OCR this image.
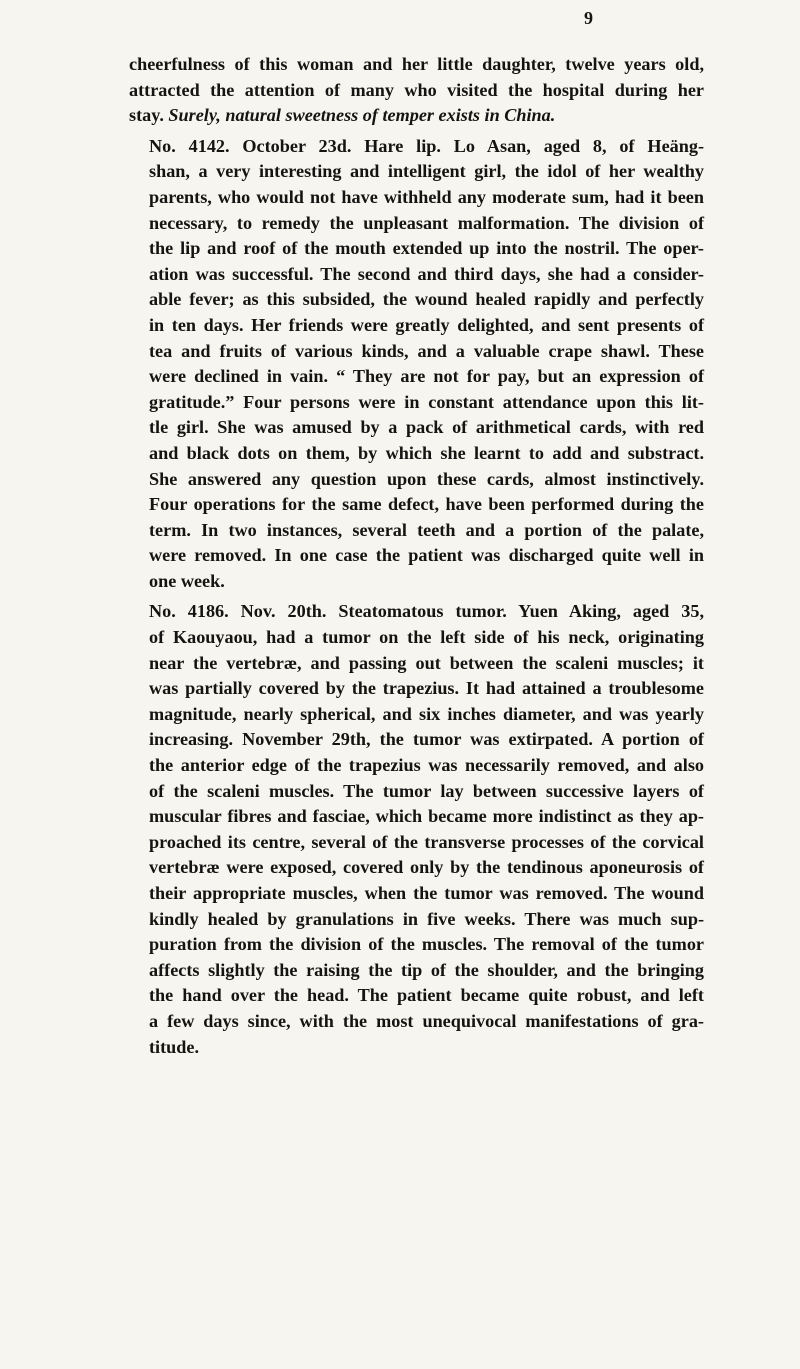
9

cheerfulness of this woman and her little daughter, twelve years old,
attracted the attention of many who visited the hospital during her
stay. Surely, natural sweetness of temper exists in China.

No. 4142. October 23d. Hare lip. Lo Asan, aged 8, of Heäng-
shan, a very interesting and intelligent girl, the idol of her wealthy
parents, who would not have withheld any moderate sum, had it been
necessary, to remedy the unpleasant malformation. The division of
the lip and roof of the mouth extended up into the nostril. The oper-
ation was successful. The second and third days, she had a consider-
able fever; as this subsided, the wound healed rapidly and perfectly
in ten days. Her friends were greatly delighted, and sent presents of
tea and fruits of various kinds, and a valuable crape shawl. These
were declined in vain. “ They are not for pay, but an expression of
gratitude.” Four persons were in constant attendance upon this lit-
tle girl. She was amused by a pack of arithmetical cards, with red
and black dots on them, by which she learnt to add and substract.
She answered any question upon these cards, almost instinctively.
Four operations for the same defect, have been performed during the
term. In two instances, several teeth and a portion of the palate,
were removed. In one case the patient was discharged quite well in
one week.

No. 4186. Nov. 20th. Steatomatous tumor. Yuen Aking, aged 35,
of Kaouyaou, had a tumor on the left side of his neck, originating
near the vertebræ, and passing out between the scaleni muscles; it
was partially covered by the trapezius. It had attained a troublesome
magnitude, nearly spherical, and six inches diameter, and was yearly
increasing. November 29th, the tumor was extirpated. A portion of
the anterior edge of the trapezius was necessarily removed, and also
of the scaleni muscles. The tumor lay between successive layers of
muscular fibres and fasciae, which became more indistinct as they ap-
proached its centre, several of the transverse processes of the corvical
vertebræ were exposed, covered only by the tendinous aponeurosis of
their appropriate muscles, when the tumor was removed. The wound
kindly healed by granulations in five weeks. There was much sup-
puration from the division of the muscles. The removal of the tumor
affects slightly the raising the tip of the shoulder, and the bringing
the hand over the head. The patient became quite robust, and left
a few days since, with the most unequivocal manifestations of gra-
titude.
